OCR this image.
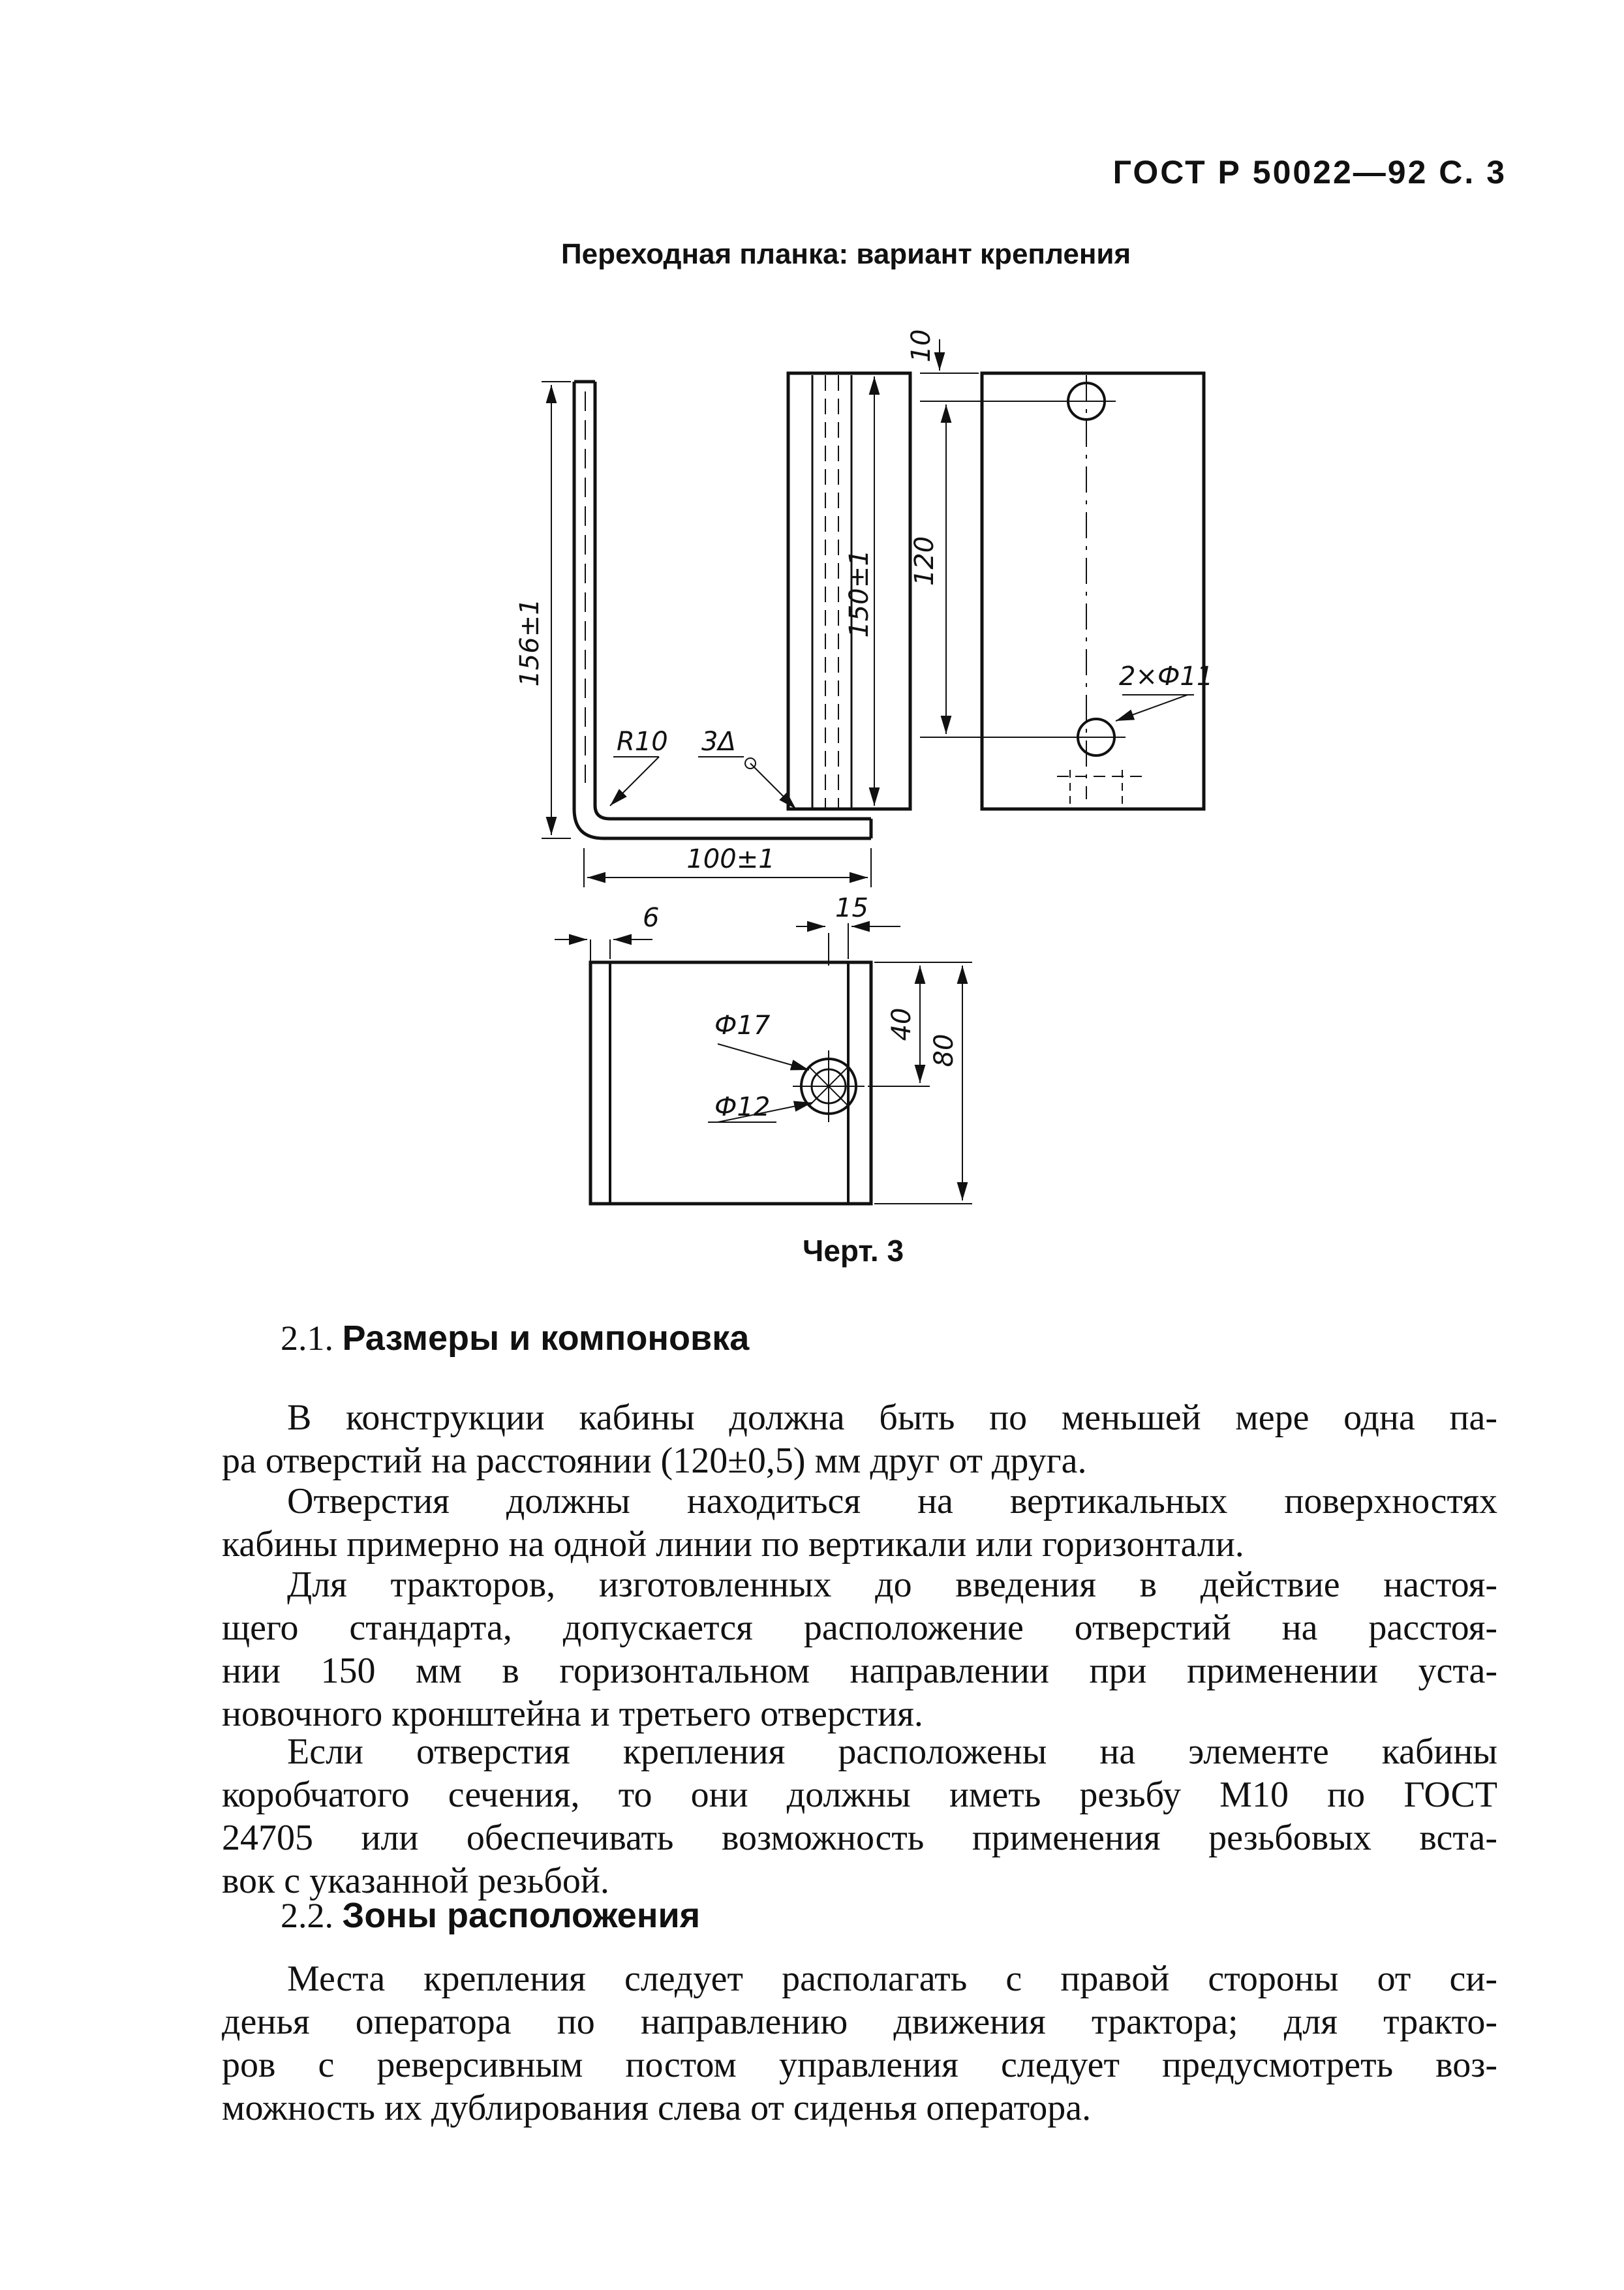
ГОСТ Р 50022—92 С. 3
Переходная планка: вариант крепления
156±1
150±1 120
10
100±1
R10 3Δ
2×Ф11
6	15
40
80
Ф17
Ф12
Черт. 3
2.1. Размеры и компоновка
В конструкции кабины должна быть по меньшей мере одна па-
ра отверстий на расстоянии (120±0,5) мм друг от друга.
Отверстия должны находиться на вертикальных поверхностях
кабины примерно на одной линии по вертикали или горизонтали.
Для тракторов, изготовленных до введения в действие настоя-
щего стандарта, допускается расположение отверстий на расстоя-
нии 150 мм в горизонтальном направлении при применении уста-
новочного кронштейна и третьего отверстия.
Если отверстия крепления расположены на элементе кабины
коробчатого сечения, то они должны иметь резьбу М10 по ГОСТ
24705 или обеспечивать возможность применения резьбовых вста-
вок с указанной резьбой.
2.2. Зоны расположения
Места крепления следует располагать с правой стороны от си-
денья оператора по направлению движения трактора; для тракто-
ров с реверсивным постом управления следует предусмотреть воз-
можность их дублирования слева от сиденья оператора.
